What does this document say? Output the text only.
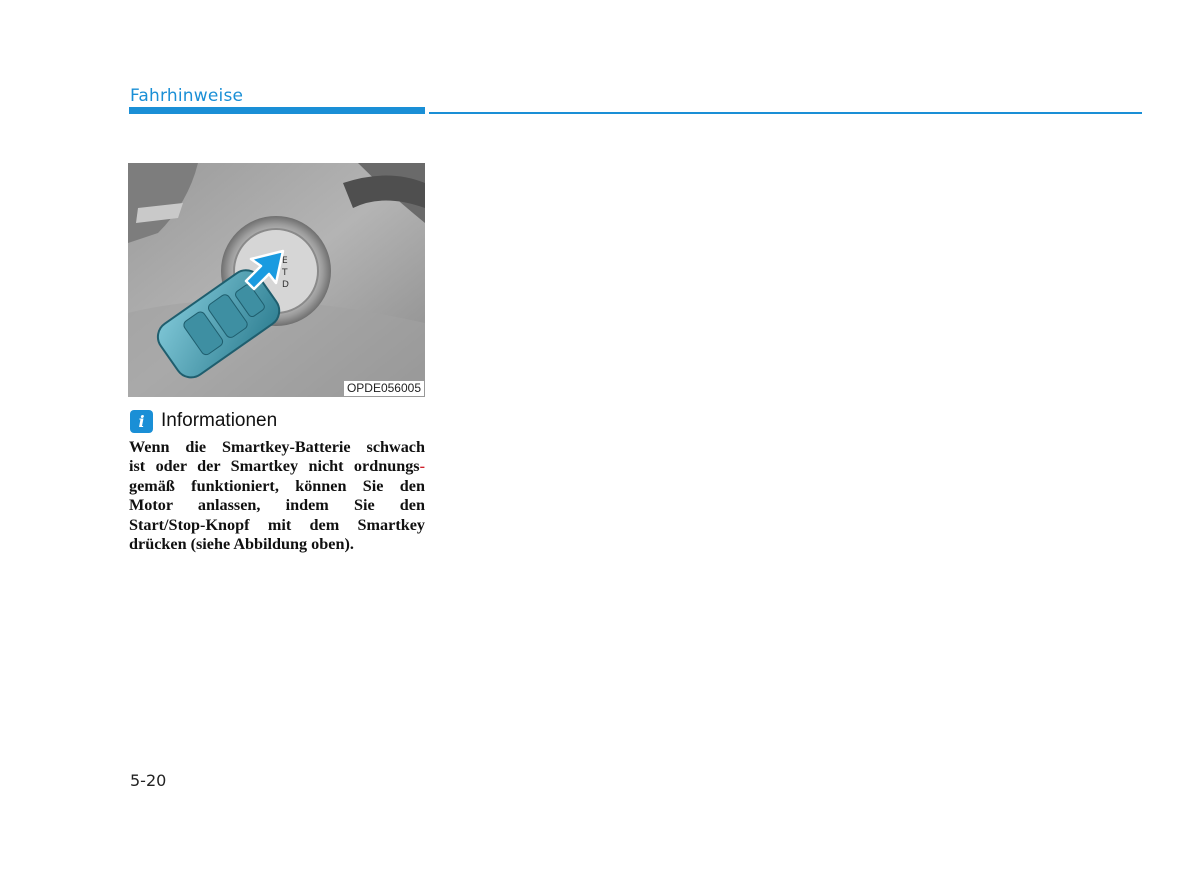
Fahrhinweise
E
T
D
OPDE056005
i Informationen
Wenn die Smartkey-Batterie schwach
ist oder der Smartkey nicht ordnungs-
gemäß funktioniert, können Sie den
Motor anlassen, indem Sie den
Start/Stop-Knopf mit dem Smartkey
drücken (siehe Abbildung oben).
5-20
